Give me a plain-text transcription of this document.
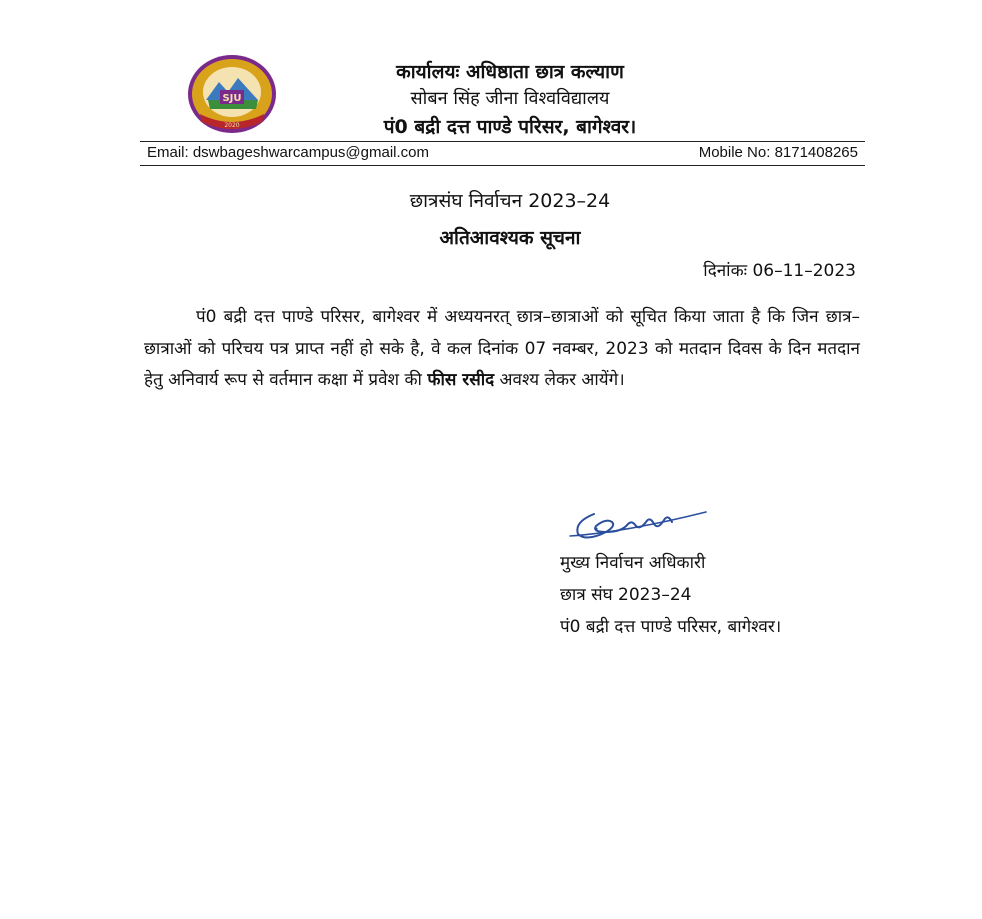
SJU
2020
कार्यालयः अधिष्ठाता छात्र कल्याण
सोबन सिंह जीना विश्वविद्यालय
पं0 बद्री दत्त पाण्डे परिसर, बागेश्वर।
Email: dswbageshwarcampus@gmail.com	Mobile No: 8171408265
छात्रसंघ निर्वाचन 2023–24
अतिआवश्यक सूचना
दिनांकः 06–11–2023
पं0 बद्री दत्त पाण्डे परिसर, बागेश्वर में अध्ययनरत् छात्र–छात्राओं को सूचित किया जाता है कि जिन छात्र–छात्राओं को परिचय पत्र प्राप्त नहीं हो सके है, वे कल दिनांक 07 नवम्बर, 2023 को मतदान दिवस के दिन मतदान हेतु अनिवार्य रूप से वर्तमान कक्षा में प्रवेश की फीस रसीद अवश्य लेकर आयेंगे।
मुख्य निर्वाचन अधिकारी
छात्र संघ 2023–24
पं0 बद्री दत्त पाण्डे परिसर, बागेश्वर।
